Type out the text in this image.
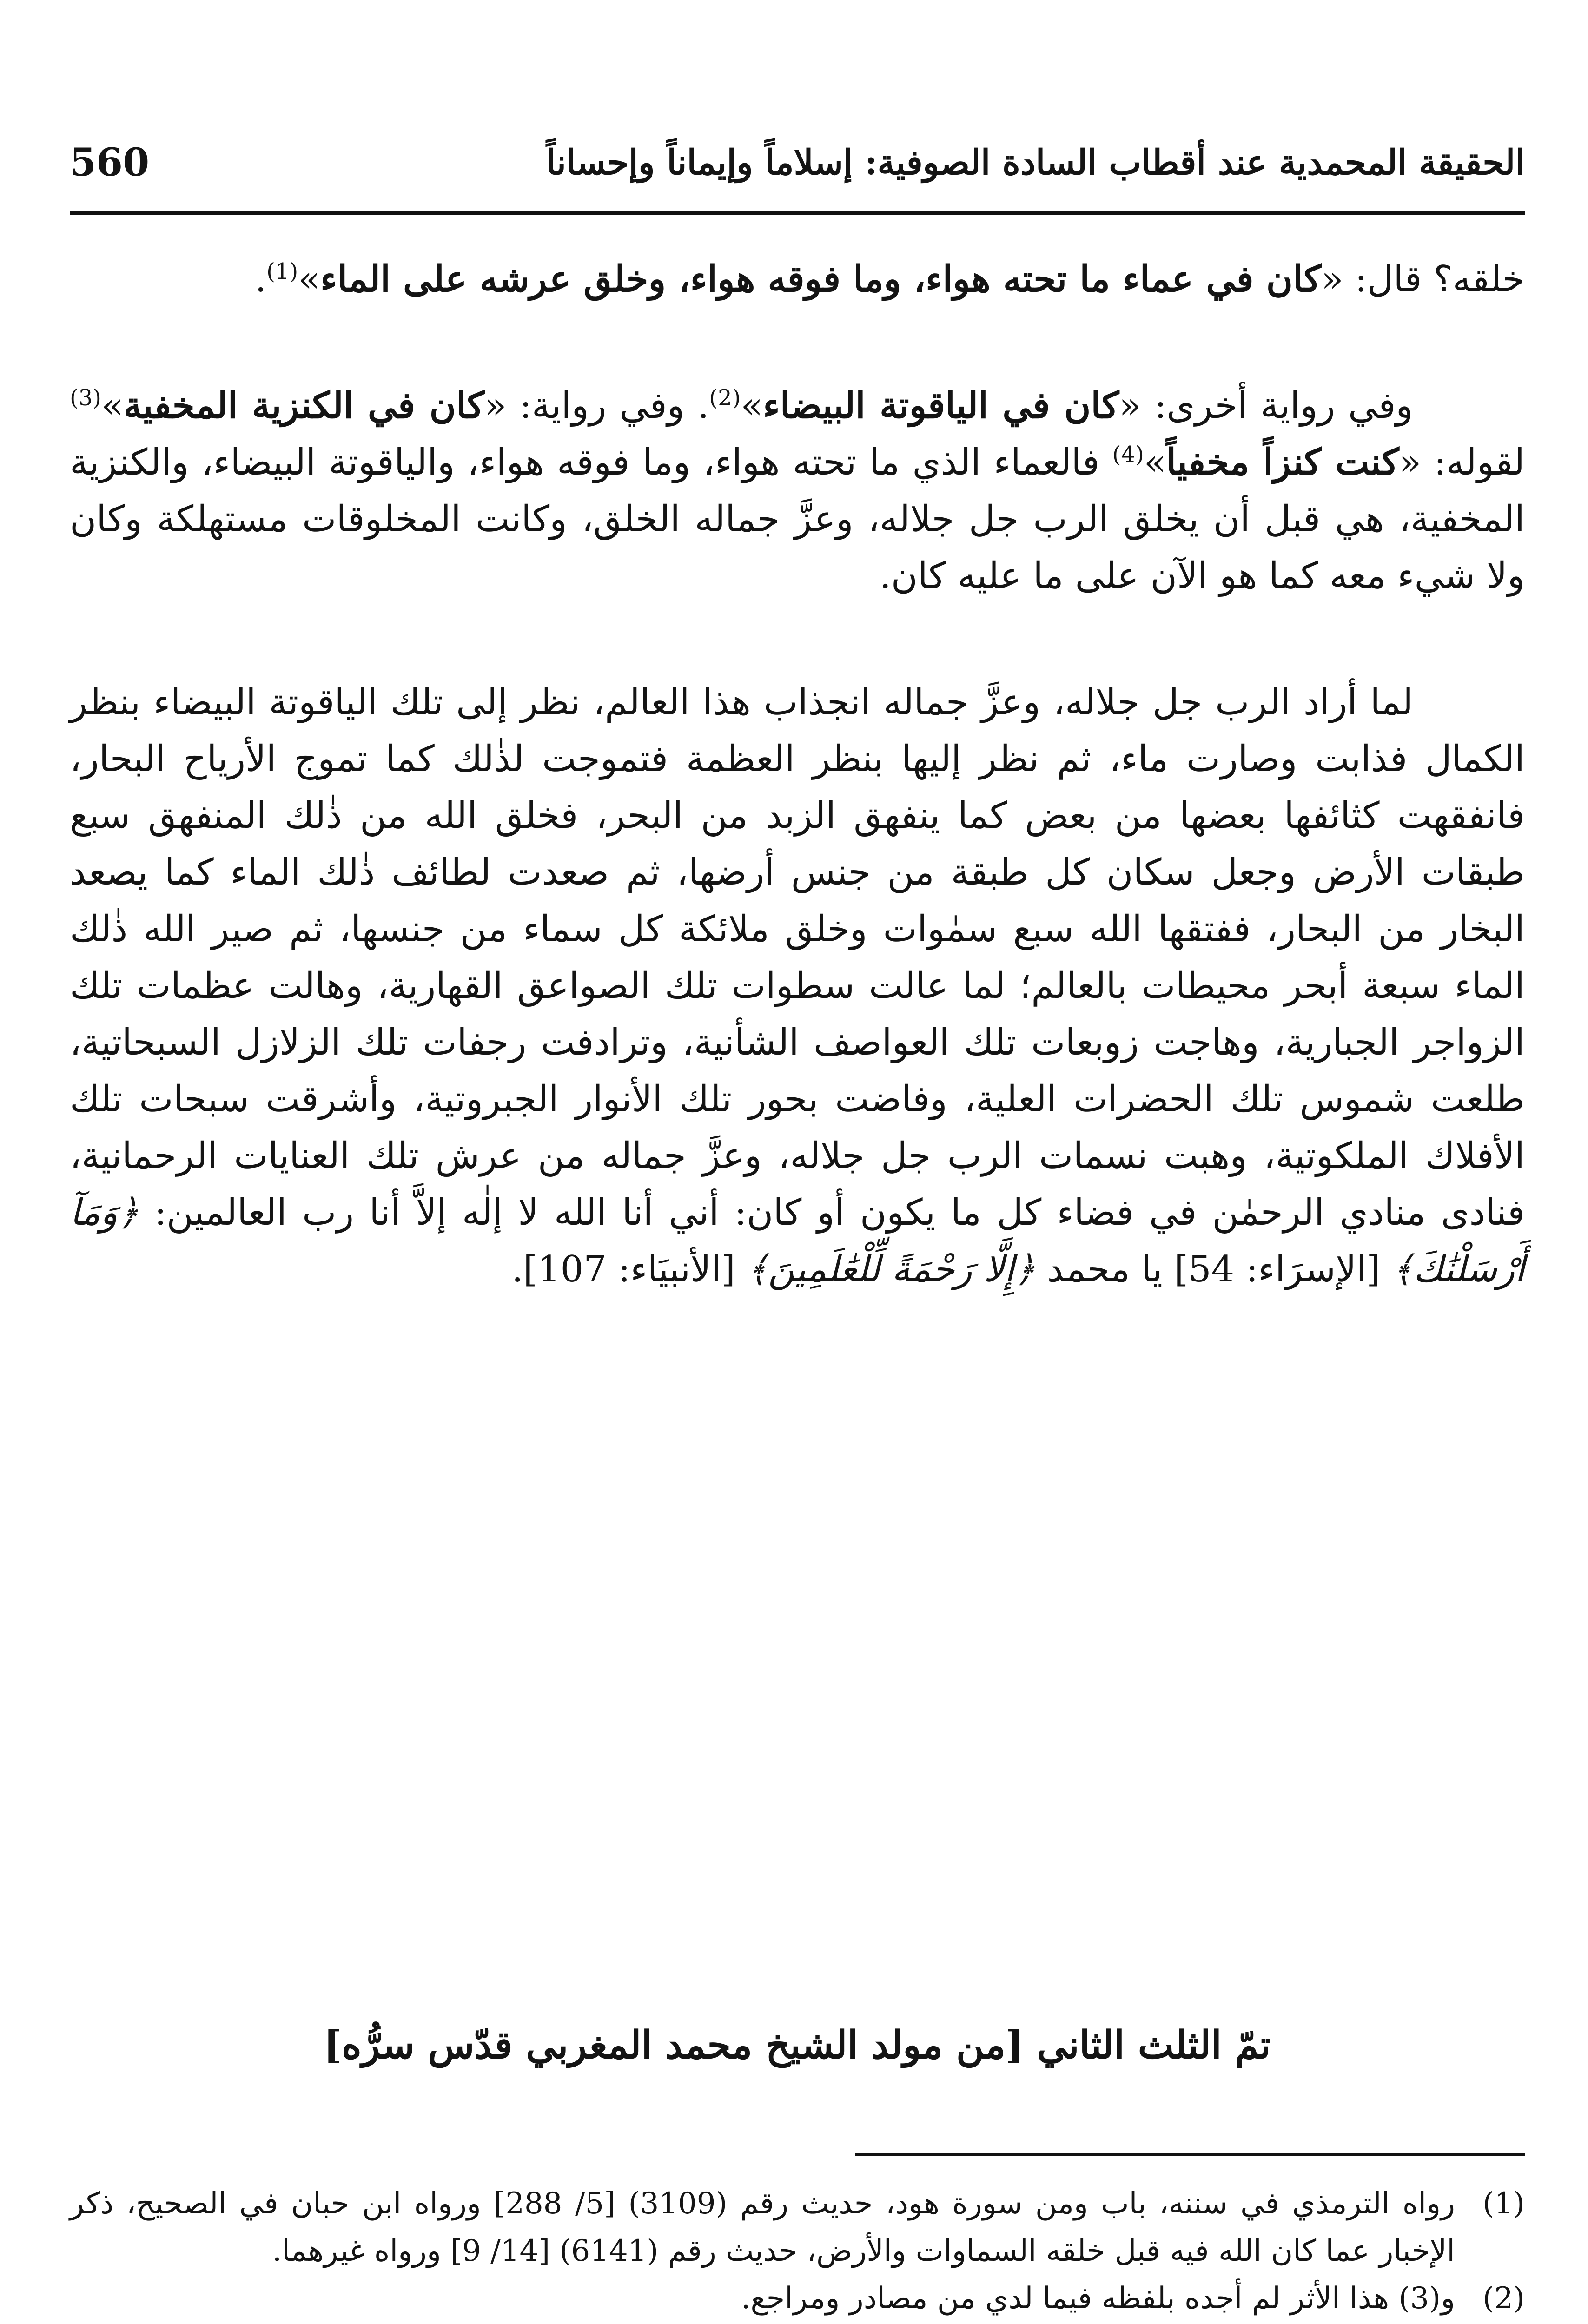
560	الحقيقة المحمدية عند أقطاب السادة الصوفية: إسلاماً وإيماناً وإحساناً

خلقه؟ قال: «كان في عماء ما تحته هواء، وما فوقه هواء، وخلق عرشه على الماء»$^{(1)}$.

وفي رواية أخرى: «كان في الياقوتة البيضاء»$^{(2)}$. وفي رواية: «كان في الكنزية المخفية»$^{(3)}$ لقوله: «كنت كنزاً مخفياً»$^{(4)}$ فالعماء الذي ما تحته هواء، وما فوقه هواء، والياقوتة البيضاء، والكنزية المخفية، هي قبل أن يخلق الرب جل جلاله، وعزَّ جماله الخلق، وكانت المخلوقات مستهلكة وكان ولا شيء معه كما هو الآن على ما عليه كان.

لما أراد الرب جل جلاله، وعزَّ جماله انجذاب هذا العالم، نظر إلى تلك الياقوتة البيضاء بنظر الكمال فذابت وصارت ماء، ثم نظر إليها بنظر العظمة فتموجت لذٰلك كما تموج الأرياح البحار، فانفقهت كثائفها بعضها من بعض كما ينفهق الزبد من البحر، فخلق الله من ذٰلك المنفهق سبع طبقات الأرض وجعل سكان كل طبقة من جنس أرضها، ثم صعدت لطائف ذٰلك الماء كما يصعد البخار من البحار، ففتقها الله سبع سمٰوات وخلق ملائكة كل سماء من جنسها، ثم صير الله ذٰلك الماء سبعة أبحر محيطات بالعالم؛ لما عالت سطوات تلك الصواعق القهارية، وهالت عظمات تلك الزواجر الجبارية، وهاجت زوبعات تلك العواصف الشأنية، وترادفت رجفات تلك الزلازل السبحاتية، طلعت شموس تلك الحضرات العلية، وفاضت بحور تلك الأنوار الجبروتية، وأشرقت سبحات تلك الأفلاك الملكوتية، وهبت نسمات الرب جل جلاله، وعزَّ جماله من عرش تلك العنايات الرحمانية، فنادى منادي الرحمٰن في فضاء كل ما يكون أو كان: أني أنا الله لا إلٰه إلاَّ أنا رب العالمين: ﴿وَمَآ أَرْسَلْنَٰكَ﴾ [الإسرَاء: 54] يا محمد ﴿إِلَّا رَحْمَةً لِّلْعَٰلَمِينَ﴾ [الأنبيَاء: 107].

تمّ الثلث الثاني [من مولد الشيخ محمد المغربي قدّس سرُّه]

(1)
رواه الترمذي في سننه، باب ومن سورة هود، حديث رقم (3109) [5/ 288] ورواه ابن حبان في الصحيح، ذكر الإخبار عما كان الله فيه قبل خلقه السماوات والأرض، حديث رقم (6141) [14/ 9] ورواه غيرهما.

(2)
و(3) هذا الأثر لم أجده بلفظه فيما لدي من مصادر ومراجع.
